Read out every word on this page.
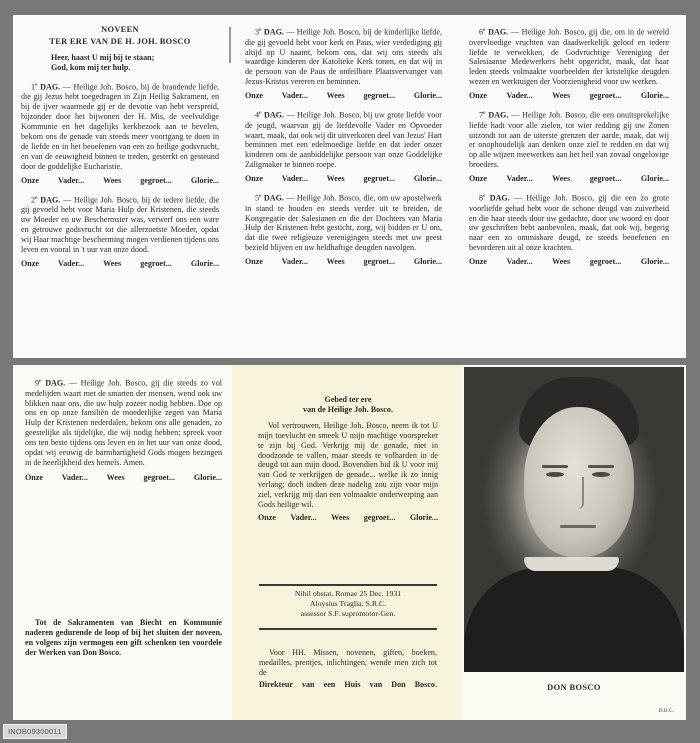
NOVEEN

TER ERE VAN DE H. JOH. BOSCO

Heer, haast U mij bij te staan;
God, kom mij ter hulp.

1e DAG. — Heilige Joh. Bosco, bij de brandende liefde, die gij Jezus hebt toegedragen in Zijn Heilig Sakrament, en bij de ijver waarmede gij er de devotie van hebt verspreid, bijzonder door het bijwonen der H. Mis, de veelvuldige Kommunie en het dagelijks kerkbezoek aan te bevelen, bekom ons de genade van steeds meer voortgang te doen in de liefde en in het beoefenen van een zo heilige godsvrucht, en van de eeuwigheid binnen te treden, gesterkt en gesteund door de goddelijke Eucharistie.

Onze Vader... Wees gegroet... Glorie...

2e DAG. — Heilige Joh. Bosco, bij de tedere liefde, die gij gevoeld hebt voor Maria Hulp der Kristenen, die steeds uw Moeder en uw Beschermster was, verwerf ons een ware en getrouwe godsvrucht tot die allerzoetste Moeder, opdat wij Haar machtige bescherming mogen verdienen tijdens ons leven en vooral in 't uur van onze dood.

Onze Vader... Wees gegroet... Glorie...

3e DAG. — Heilige Joh. Bosco, bij de kinderlijke liefde, die gij gevoeld hebt voor kerk en Paus, wier verdediging gij altijd op U naamt, bekom ons, dat wij ons steeds als waardige kinderen der Katolieke Kerk tonen, en dat wij in de persoon van de Paus de onfeilbare Plaatsvervanger van Jezus-Kristus vereren en beminnen.

Onze Vader... Wees gegroet... Glorie...

4e DAG. — Heilige Joh. Bosco, bij uw grote liefde voor de jeugd, waarvan gij de liefdevolle Vader en Opvoeder waart, maak, dat ook wij dit uitverkoren deel van Jezus' Hart beminnen met een edelmoedige liefde en dat ieder onzer kinderen ons de aanbiddelijke persoon van onze Goddelijke Zaligmaker te binnen roepe.

Onze Vader... Wees gegroet... Glorie...

5e DAG. — Heilige Joh. Bosco, die, om uw apostelwerk in stand te houden en steeds verder uit te breiden, de Kongregatie der Salesianen en die der Dochters van Maria Hulp der Kristenen hebt gesticht, zorg, wij bidden er U om, dat die twee religieuze verenigingen steeds met uw geest bezield blijven en uw heldhaftige deugden navolgen.

Onze Vader... Wees gegroet... Glorie...

6e DAG. — Heilige Joh. Bosco, gij die, om in de wereld overvloedige vruchten van daadwerkelijk geloof en tedere liefde te verwekken, de Godvruchtige Vereniging der Salesiaanse Medewerkers hebt opgericht, maak, dat haar leden steeds volmaakte voorbeelden der kristelijke deugden wezen en werktuigen der Voorzienigheid voor uw werken.

Onze Vader... Wees gegroet... Glorie...

7e DAG. — Heilige Joh. Bosco, die een onuitsprekelijke liefde hadt voor alle zielen, tot wier redding gij uw Zonen uitzondt tot aan de uiterste grenzen der aarde, maak, dat wij er onophoudelijk aan denken onze ziel te redden en dat wij op alle wijzen meewerken aan het heil van zovaal ongelovige broeders.

Onze Vader... Wees gegroet... Glorie...

8e DAG. — Heilige Joh. Bosco, gij die een zo grote voorliefde gehad hebt voor de schone deugd van zuiverheid en die haar steeds door uw gedachte, door uw woord en door uw geschriften hebt aanbevolen, maak, dat ook wij, begerig naar een zo ommisbare deugd, ze steeds beoefenen en bevorderen uit al onze krachten.

Onze Vader... Wees gegroet... Glorie...

9e DAG. — Heilige Joh. Bosco, gij die steeds zo vol medelijden waart met de smarten der mensen, wend ook uw blikken naar ons, die uw hulp zozeer nodig hebben. Doe op ons en op onze familiën de moederlijke zegen van Maria Hulp der Kristenen nederdalen, bekom ons alle genaden, zo geestelijke als tijdelijke, die wij nodig hebben; spreek voor ons ten beste tijdens ons leven en in het uur van onze dood, opdat wij eeuwig de barmhartigheid Gods mogen bezingen in de heerlijkheid des hemels. Amen.

Onze Vader... Wees gegroet... Glorie...

Tot de Sakramenten van Biecht en Kommunie naderen gedurende de loop of bij het sluiten der noveen, en volgens zijn vermogen een gift schenken ten voordele der Werken van Don Bosco.

Gebed ter ere

van de Heilige Joh. Bosco.

Vol vertrouwen, Heilige Joh. Bosco, neem ik tot U mijn toevlucht en smeek U mijn machtige voorspreker te zijn bij God. Verkrijg mij de genade, niet in doodzonde te vallen, maar steeds te volharden in de deugd tot aan mijn dood. Bovendien bid ik U voor mij van God te verkrijgen de genade... welke ik zo innig verlang; doch indien deze nadelig zou zijn voor mijn ziel, verkrijg mij dan een volmaakte onderwerping aan Gods heilige wil.

Onze Vader... Wees gegroet... Glorie...

Nihil obstat, Romae 25 Dec. 1931
Aloysius Traglia, S.R.C.
assessor S.F. supromotor-Gen.

Voor HH. Missen, novenen, giften, boeken, medailles, prentjes, inlichtingen, wende men zich tot de

Direkteur van een Huis van Don Bosco.	DON BOSCO
D.B.C.
INOB09300011
